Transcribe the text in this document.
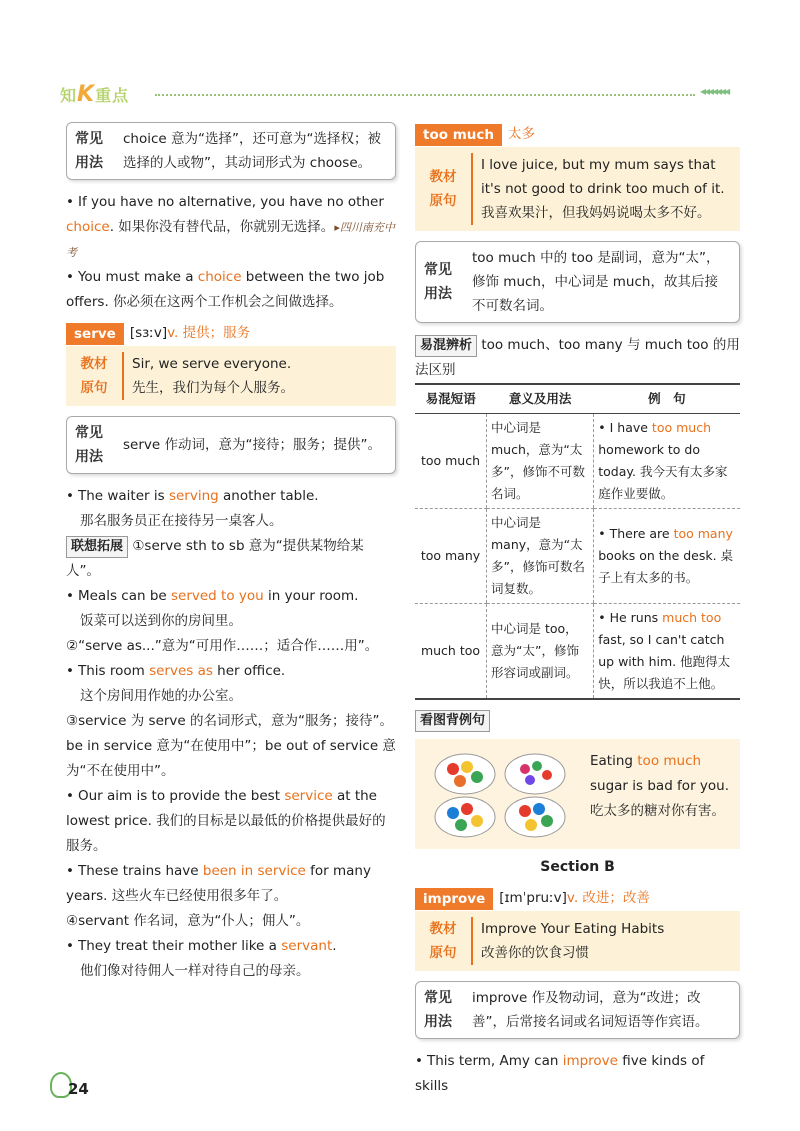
知K重点	◂◂◂◂◂◂◂
常见
用法
choice 意为“选择”，还可意为“选择权；被选择的人或物”，其动词形式为 choose。

• If you have no alternative, you have no other choice. 如果你没有替代品，你就别无选择。▸四川南充中考

• You must make a choice between the two job offers. 你必须在这两个工作机会之间做选择。

serve	[sɜːv] v. 提供；服务
教材
原句
Sir, we serve everyone.
先生，我们为每个人服务。
常见
用法
serve 作动词，意为“接待；服务；提供”。

• The waiter is serving another table.

那名服务员正在接待另一桌客人。

联想拓展 ①serve sth to sb 意为“提供某物给某人”。

• Meals can be served to you in your room.

饭菜可以送到你的房间里。

②“serve as...”意为“可用作……；适合作……用”。

• This room serves as her office.

这个房间用作她的办公室。

③service 为 serve 的名词形式，意为“服务；接待”。be in service 意为“在使用中”；be out of service 意为“不在使用中”。

• Our aim is to provide the best service at the lowest price. 我们的目标是以最低的价格提供最好的服务。

• These trains have been in service for many years. 这些火车已经使用很多年了。

④servant 作名词，意为“仆人；佣人”。

• They treat their mother like a servant.

他们像对待佣人一样对待自己的母亲。

too much	太多
教材
原句
I love juice, but my mum says that it's not good to drink too much of it.
我喜欢果汁，但我妈妈说喝太多不好。
常见
用法
too much 中的 too 是副词，意为“太”，修饰 much，中心词是 much，故其后接不可数名词。

易混辨析 too much、too many 与 much too 的用法区别

易混短语	意义及用法	例　句
too much	中心词是 much，意为“太多”，修饰不可数名词。	• I have too much homework to do today. 我今天有太多家庭作业要做。
too many	中心词是 many，意为“太多”，修饰可数名词复数。	• There are too many books on the desk. 桌子上有太多的书。
much too	中心词是 too，意为“太”，修饰形容词或副词。	• He runs much too fast, so I can't catch up with him. 他跑得太快，所以我追不上他。
看图背例句
Eating too much sugar is bad for you.
吃太多的糖对你有害。
Section B
improve	[ɪmˈpruːv] v. 改进；改善
教材
原句
Improve Your Eating Habits
改善你的饮食习惯
常见
用法
improve 作及物动词，意为“改进；改善”，后常接名词或名词短语等作宾语。

• This term, Amy can improve five kinds of skills

24
